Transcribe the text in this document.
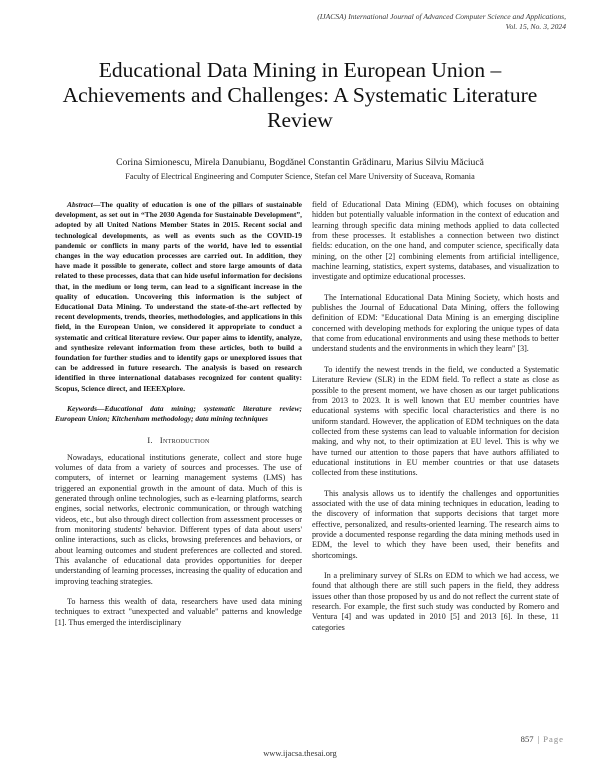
(IJACSA) International Journal of Advanced Computer Science and Applications,
Vol. 15, No. 3, 2024
Educational Data Mining in European Union – Achievements and Challenges: A Systematic Literature Review
Corina Simionescu, Mirela Danubianu, Bogdănel Constantin Grădinaru, Marius Silviu Măciucă
Faculty of Electrical Engineering and Computer Science, Stefan cel Mare University of Suceava, Romania

Abstract—The quality of education is one of the pillars of sustainable development, as set out in “The 2030 Agenda for Sustainable Development”, adopted by all United Nations Member States in 2015. Recent social and technological developments, as well as events such as the COVID-19 pandemic or conflicts in many parts of the world, have led to essential changes in the way education processes are carried out. In addition, they have made it possible to generate, collect and store large amounts of data related to these processes, data that can hide useful information for decisions that, in the medium or long term, can lead to a significant increase in the quality of education. Uncovering this information is the subject of Educational Data Mining. To understand the state-of-the-art reflected by recent developments, trends, theories, methodologies, and applications in this field, in the European Union, we considered it appropriate to conduct a systematic and critical literature review. Our paper aims to identify, analyze, and synthesize relevant information from these articles, both to build a foundation for further studies and to identify gaps or unexplored issues that can be addressed in future research. The analysis is based on research identified in three international databases recognized for content quality: Scopus, Science direct, and IEEEXplore.

Keywords—Educational data mining; systematic literature review; European Union; Kitchenham methodology; data mining techniques

I. Introduction

Nowadays, educational institutions generate, collect and store huge volumes of data from a variety of sources and processes. The use of computers, of internet or learning management systems (LMS) has triggered an exponential growth in the amount of data. Much of this is generated through online technologies, such as e-learning platforms, search engines, social networks, electronic communication, or through watching videos, etc., but also through direct collection from assessment processes or from monitoring students' behavior. Different types of data about users' online interactions, such as clicks, browsing preferences and behaviors, or about learning outcomes and student preferences are collected and stored. This avalanche of educational data provides opportunities for deeper understanding of learning processes, increasing the quality of education and improving teaching strategies.

To harness this wealth of data, researchers have used data mining techniques to extract "unexpected and valuable" patterns and knowledge [1]. Thus emerged the interdisciplinary

field of Educational Data Mining (EDM), which focuses on obtaining hidden but potentially valuable information in the context of education and learning through specific data mining methods applied to data collected from these processes. It establishes a connection between two distinct fields: education, on the one hand, and computer science, specifically data mining, on the other [2] combining elements from artificial intelligence, machine learning, statistics, expert systems, databases, and visualization to investigate and optimize educational processes.

The International Educational Data Mining Society, which hosts and publishes the Journal of Educational Data Mining, offers the following definition of EDM: "Educational Data Mining is an emerging discipline concerned with developing methods for exploring the unique types of data that come from educational environments and using these methods to better understand students and the environments in which they learn" [3].

To identify the newest trends in the field, we conducted a Systematic Literature Review (SLR) in the EDM field. To reflect a state as close as possible to the present moment, we have chosen as our target publications from 2013 to 2023. It is well known that EU member countries have educational systems with specific local characteristics and there is no uniform standard. However, the application of EDM techniques on the data collected from these systems can lead to valuable information for decision making, and why not, to their optimization at EU level. This is why we have turned our attention to those papers that have authors affiliated to educational institutions in EU member countries or that use datasets collected from these institutions.

This analysis allows us to identify the challenges and opportunities associated with the use of data mining techniques in education, leading to the discovery of information that supports decisions that target more effective, personalized, and results-oriented learning. The research aims to provide a documented response regarding the data mining methods used in EDM, the level to which they have been used, their benefits and shortcomings.

In a preliminary survey of SLRs on EDM to which we had access, we found that although there are still such papers in the field, they address issues other than those proposed by us and do not reflect the current state of research. For example, the first such study was conducted by Romero and Ventura [4] and was updated in 2010 [5] and 2013 [6]. In these, 11 categories

857 | Page
www.ijacsa.thesai.org
